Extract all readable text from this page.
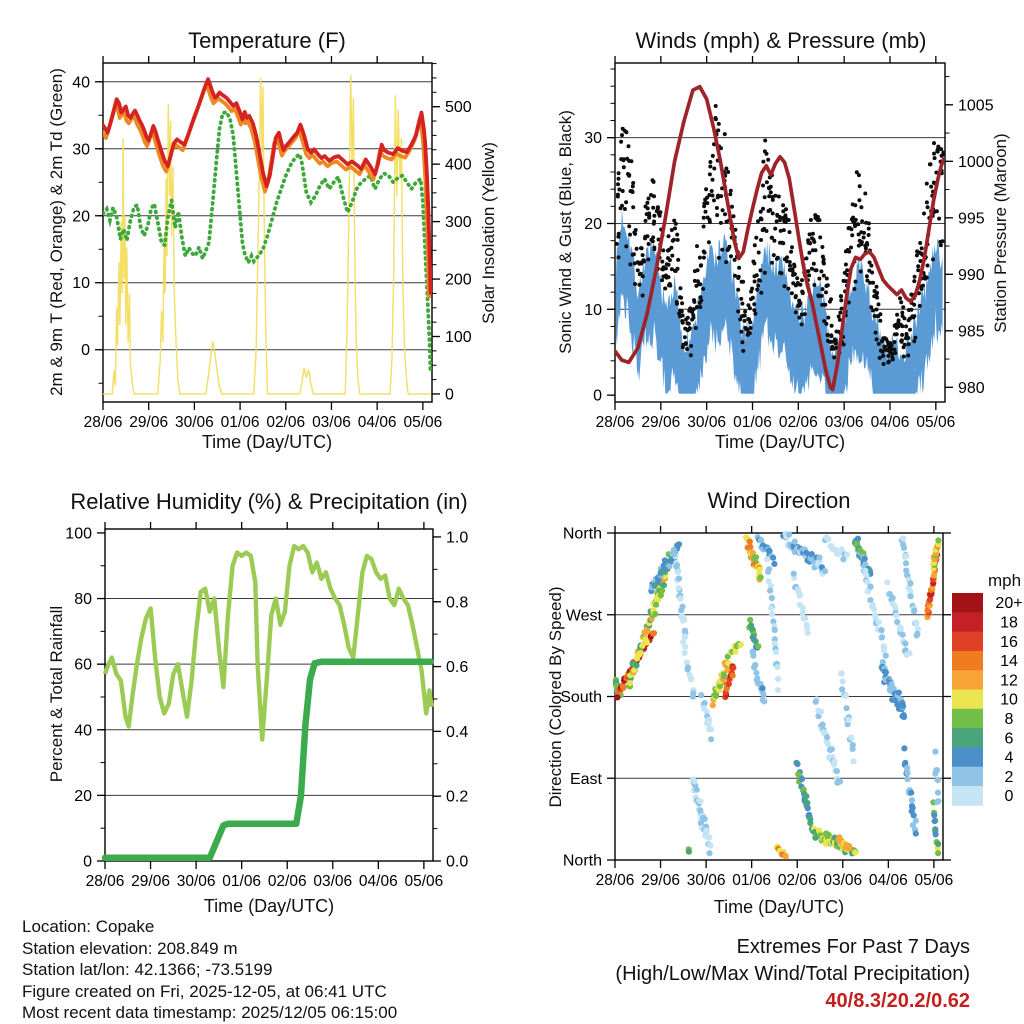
28/06 29/06 30/06 01/06 02/06 03/06 04/06 05/06
0
10
20
30
40
0
100
200
300
400
500
28/06 29/06 30/06 01/06 02/06 03/06 04/06 05/06
0
10
20
30
980
985
990
995
1000
1005
28/06 29/06 30/06 01/06 02/06 03/06 04/06 05/06
0
20
40
60
80
100
0.0
0.2
0.4
0.6
0.8
1.0	North
West
South
East
North
28/06 29/06 30/06 01/06 02/06 03/06 04/06 05/06
20+
18
16
14
12
10
8
6
4
2
0
Temperature (F)	Winds (mph) & Pressure (mb)
Relative Humidity (%) & Precipitation (in)	Wind Direction
Time (Day/UTC)	Time (Day/UTC)
Time (Day/UTC)	Time (Day/UTC)
2m & 9m T (Red, Orange) & 2m Td (Green)	Solar Insolation (Yellow)	Sonic Wind & Gust (Blue, Black)	Station Pressure (Maroon)
Percent & Total Rainfall	Direction (Colored By Speed)
mph
Location: Copake
Station elevation: 208.849 m
Station lat/lon: 42.1366; -73.5199
Figure created on Fri, 2025-12-05, at 06:41 UTC
Most recent data timestamp: 2025/12/05 06:15:00
Extremes For Past 7 Days
(High/Low/Max Wind/Total Precipitation)
40/8.3/20.2/0.62
